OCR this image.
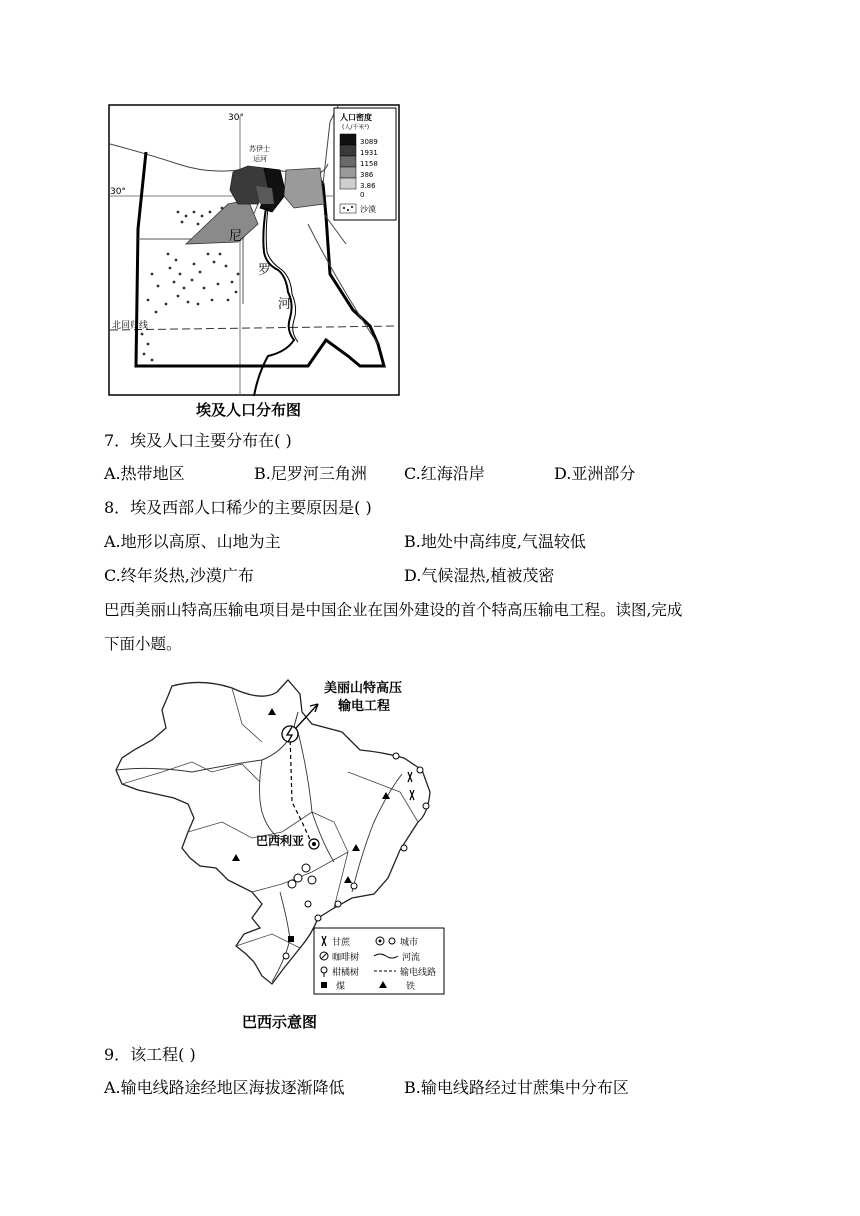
尼
罗
河
30°
30°
北回归线
苏伊士
运河
人口密度
(人/千米²)
3089
1931
1158
386
3.86
0
沙漠
埃及人口分布图
7．埃及人口主要分布在( )
A.热带地区	B.尼罗河三角洲 C.红海沿岸	D.亚洲部分
8．埃及西部人口稀少的主要原因是( )
A.地形以高原、山地为主	B.地处中高纬度,气温较低
C.终年炎热,沙漠广布	D.气候湿热,植被茂密
巴西美丽山特高压输电项目是中国企业在国外建设的首个特高压输电工程。读图,完成
下面小题。
美丽山特高压
输电工程
巴西利亚
甘蔗	城市
咖啡树	河流
柑橘树	输电线路
煤	铁
巴西示意图
9．该工程( )
A.输电线路途经地区海拔逐渐降低	B.输电线路经过甘蔗集中分布区
